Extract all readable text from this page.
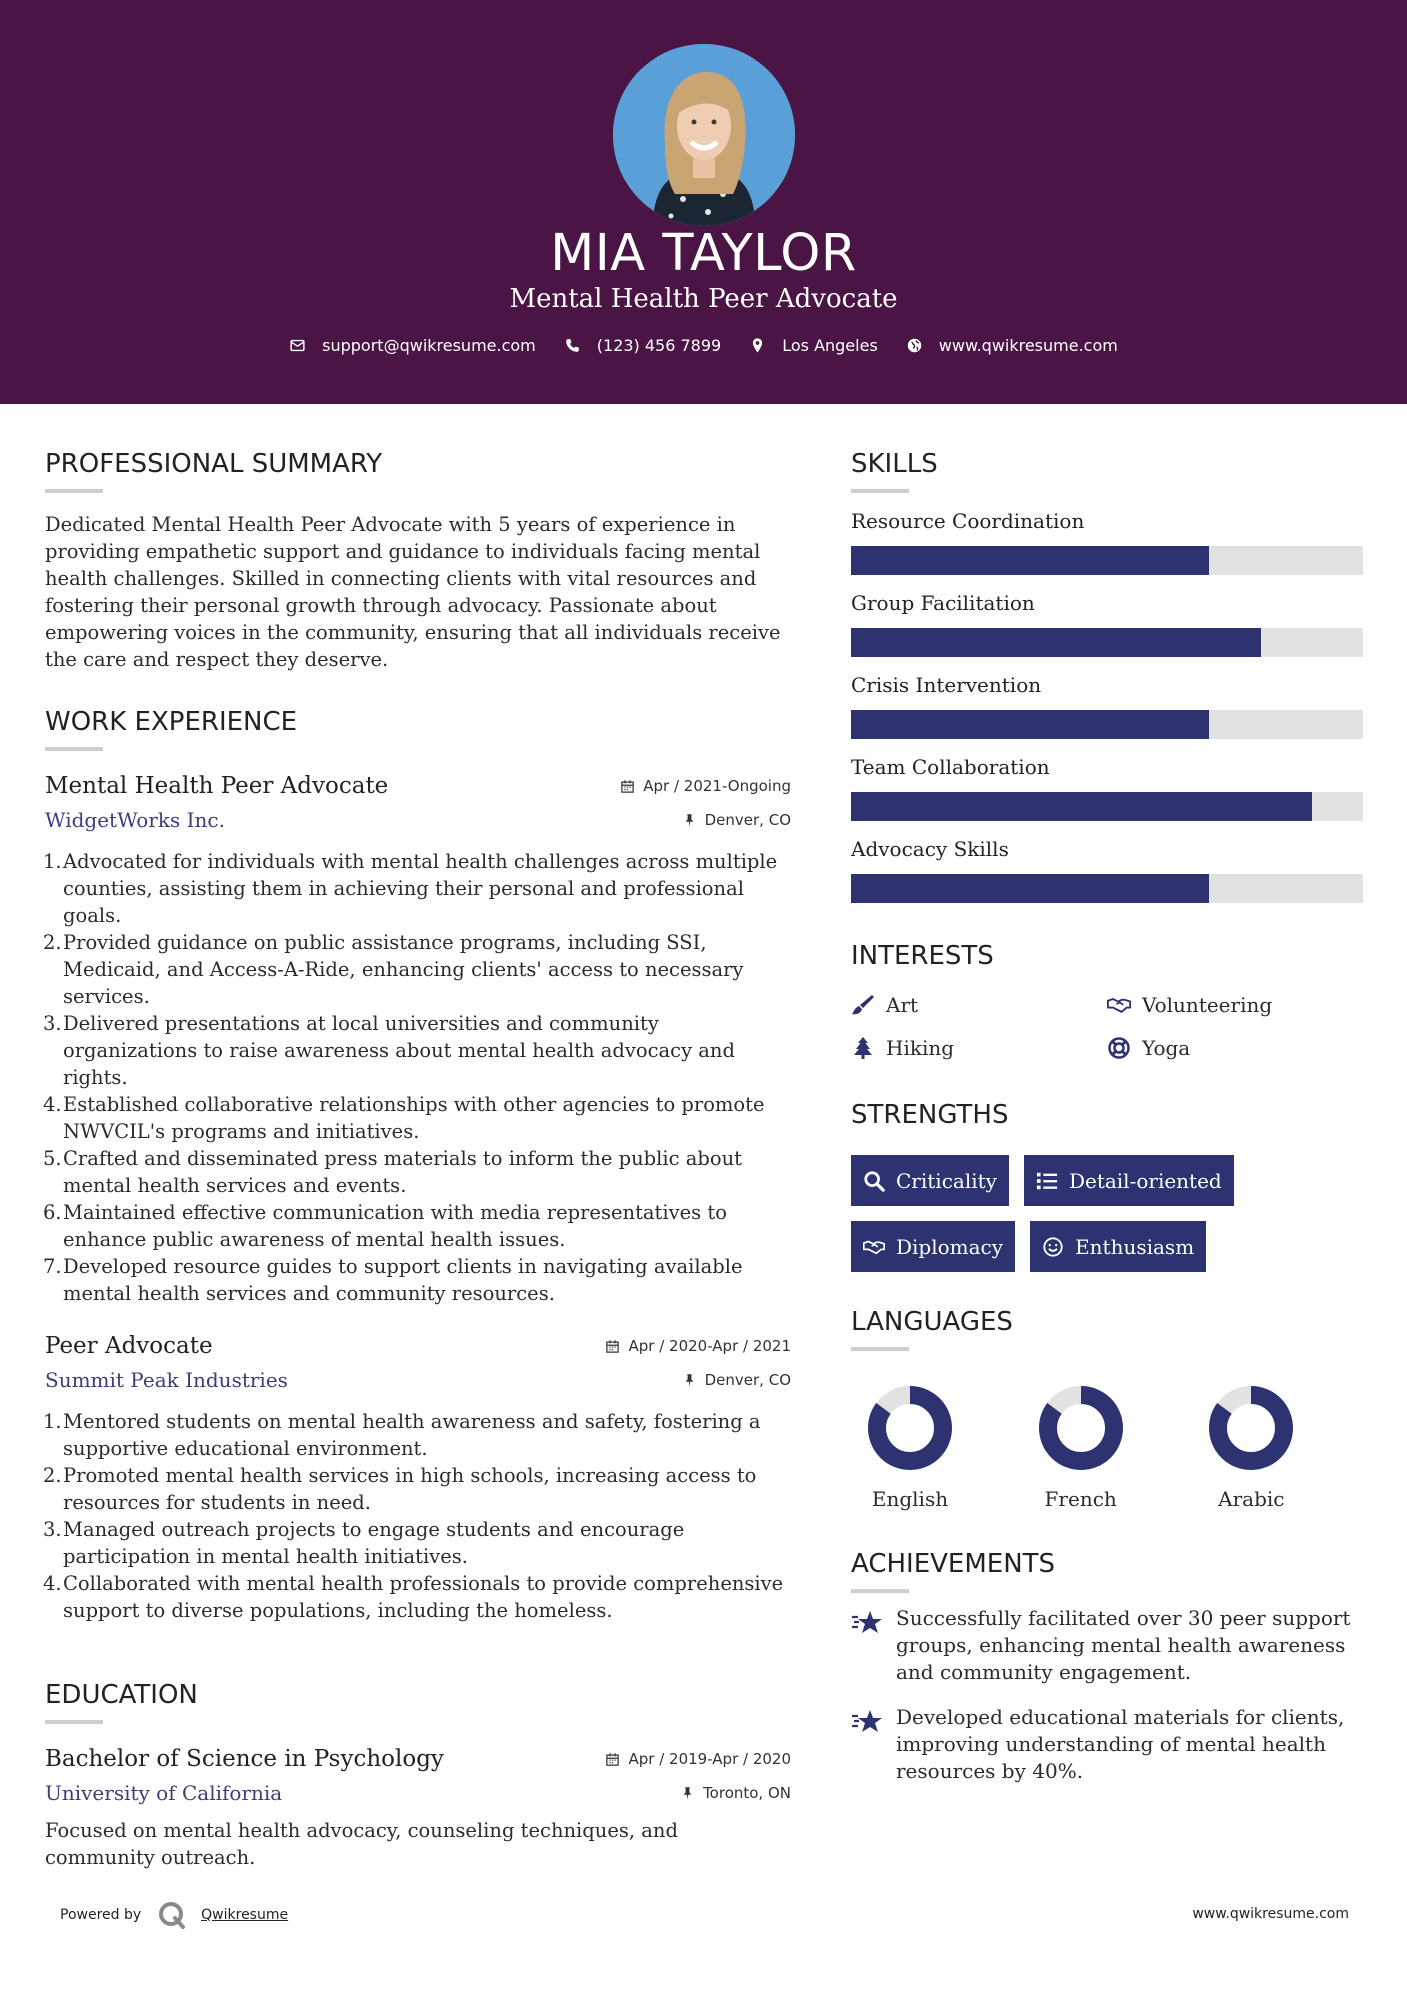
MIA TAYLOR
Mental Health Peer Advocate
support@qwikresume.com	(123) 456 7899	Los Angeles	www.qwikresume.com
PROFESSIONAL SUMMARY

Dedicated Mental Health Peer Advocate with 5 years of experience in providing empathetic support and guidance to individuals facing mental health challenges. Skilled in connecting clients with vital resources and fostering their personal growth through advocacy. Passionate about empowering voices in the community, ensuring that all individuals receive the care and respect they deserve.

WORK EXPERIENCE
Mental Health Peer Advocate	Apr / 2021-Ongoing
WidgetWorks Inc.	Denver, CO
Advocated for individuals with mental health challenges across multiple counties, assisting them in achieving their personal and professional goals.
Provided guidance on public assistance programs, including SSI, Medicaid, and Access-A-Ride, enhancing clients' access to necessary services.
Delivered presentations at local universities and community organizations to raise awareness about mental health advocacy and rights.
Established collaborative relationships with other agencies to promote NWVCIL's programs and initiatives.
Crafted and disseminated press materials to inform the public about mental health services and events.
Maintained effective communication with media representatives to enhance public awareness of mental health issues.
Developed resource guides to support clients in navigating available mental health services and community resources.
Peer Advocate	Apr / 2020-Apr / 2021
Summit Peak Industries	Denver, CO
Mentored students on mental health awareness and safety, fostering a supportive educational environment.
Promoted mental health services in high schools, increasing access to resources for students in need.
Managed outreach projects to engage students and encourage participation in mental health initiatives.
Collaborated with mental health professionals to provide comprehensive support to diverse populations, including the homeless.
EDUCATION
Bachelor of Science in Psychology	Apr / 2019-Apr / 2020
University of California	Toronto, ON

Focused on mental health advocacy, counseling techniques, and community outreach.

SKILLS
Resource Coordination
Group Facilitation
Crisis Intervention
Team Collaboration
Advocacy Skills
INTERESTS
Art	Volunteering
Hiking	Yoga
STRENGTHS
Criticality	Detail-oriented
Diplomacy	Enthusiasm
LANGUAGES
English	French	Arabic
ACHIEVEMENTS
Successfully facilitated over 30 peer support groups, enhancing mental health awareness and community engagement.
Developed educational materials for clients, improving understanding of mental health resources by 40%.
Powered by	Qwikresume	www.qwikresume.com
